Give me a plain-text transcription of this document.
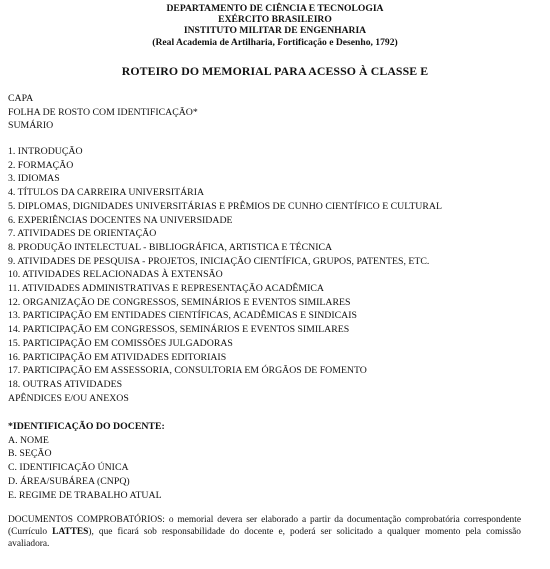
DEPARTAMENTO DE CIÊNCIA E TECNOLOGIA
EXÉRCITO BRASILEIRO
INSTITUTO MILITAR DE ENGENHARIA
(Real Academia de Artilharia, Fortificação e Desenho, 1792)
ROTEIRO DO MEMORIAL PARA ACESSO À CLASSE E
CAPA
FOLHA DE ROSTO COM IDENTIFICAÇÃO*
SUMÁRIO
1. INTRODUÇÃO
2. FORMAÇÃO
3. IDIOMAS
4. TÍTULOS DA CARREIRA UNIVERSITÁRIA
5. DIPLOMAS, DIGNIDADES UNIVERSITÁRIAS E PRÊMIOS DE CUNHO CIENTÍFICO E CULTURAL
6. EXPERIÊNCIAS DOCENTES NA UNIVERSIDADE
7. ATIVIDADES DE ORIENTAÇÃO
8. PRODUÇÃO INTELECTUAL - BIBLIOGRÁFICA, ARTISTICA E TÉCNICA
9. ATIVIDADES DE PESQUISA - PROJETOS, INICIAÇÃO CIENTÍFICA, GRUPOS, PATENTES, ETC.
10. ATIVIDADES RELACIONADAS À EXTENSÃO
11. ATIVIDADES ADMINISTRATIVAS E REPRESENTAÇÃO ACADÊMICA
12. ORGANIZAÇÃO DE CONGRESSOS, SEMINÁRIOS E EVENTOS SIMILARES
13. PARTICIPAÇÃO EM ENTIDADES CIENTÍFICAS, ACADÊMICAS E SINDICAIS
14. PARTICIPAÇÃO EM CONGRESSOS, SEMINÁRIOS E EVENTOS SIMILARES
15. PARTICIPAÇÃO EM COMISSÕES JULGADORAS
16. PARTICIPAÇÃO EM ATIVIDADES EDITORIAIS
17. PARTICIPAÇÃO EM ASSESSORIA, CONSULTORIA EM ÓRGÃOS DE FOMENTO
18. OUTRAS ATIVIDADES
APÊNDICES E/OU ANEXOS
*IDENTIFICAÇÃO DO DOCENTE:
A. NOME
B. SEÇÃO
C. IDENTIFICAÇÃO ÚNICA
D. ÁREA/SUBÁREA (CNPQ)
E. REGIME DE TRABALHO ATUAL
DOCUMENTOS COMPROBATÓRIOS: o memorial devera ser elaborado a partir da documentação comprobatória correspondente (Currículo LATTES), que ficará sob responsabilidade do docente e, poderá ser solicitado a qualquer momento pela comissão avaliadora.
